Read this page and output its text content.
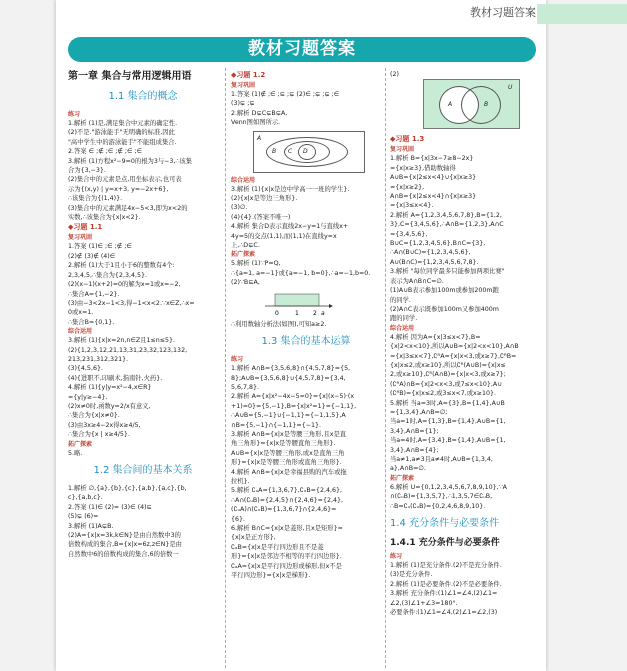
教材习题答案
教材习题答案
第一章 集合与常用逻辑用语
1.1 集合的概念
练习
1.解析 (1)是,满足集合中元素的确定性.
(2)不是."游泳能手"无明确的标准,因此
"高中学生中的游泳能手"不能组成集合.
2.答案 ∈ ;∉ ;∈ ;∉ ;∈ ;∈
3.解析 (1)方程x²−9=0的根为3与−3,∴该集
合为{3,−3}.
(2)集合中的元素是点,用坐标表示,也可表
示为{(x,y) | y=x+3, y=−2x+6},
∴该集合为{(1,4)}.
(3)集合中的元素满足4x−5<3,即为x<2的
实数,∴该集合为{x|x<2}.
◆习题 1.1
复习巩固
1.答案 (1)∈ ;∈ ;∉ ;∈
(2)∉ (3)∉ (4)∈
2.解析 (1)大于1且小于6的整数有4个:
2,3,4,5,∴集合为{2,3,4,5}.
(2)(x−1)(x+2)=0的解为x=1或x=−2,
∴集合A={1,−2}.
(3)由−3<2x−1<3,得−1<x<2.∵x∈Z,∴x=
0或x=1.
∴集合B={0,1}.
综合运用
3.解析 (1){x|x=2n,n∈Z且1≤n≤5}.
(2){1,2,3,12,21,13,31,23,32,123,132,
213,231,312,321}.
(3){4,5,6}.
(4){进职不,印刷术,指南针,火药}.
4.解析 (1){y|y=x²−4,x∈R}
={y|y≥−4}.
(2)x≠0时,函数y=2/x有意义,
∴集合为{x|x≠0}.
(3)由3x≥4−2x得x≥4/5,
∴集合为{x | x≥4/5}.
拓广探索
5.略.
1.2 集合间的基本关系
1.解析 ∅,{a},{b},{c},{a,b},{a,c},{b,
c},{a,b,c}.
2.答案 (1)∈ (2)= (3)∈ (4)⊆
(5)⊊ (6)=
3.解析 (1)A⊊B.
(2)A={x|x=3k,k∈N}是由自然数中3的
倍数构成的集合,B={x|x=6z,z∈N}是由
自然数中6的倍数构成的集合,6的倍数一
◆习题 1.2
复习巩固
1.答案 (1)∉ ;∈ ;⊆ ;⊊ (2)∈ ;⊊ ;⊊ ;∈
(3)⊊ ;⊊
2.解析 D⊊C⊊B⊊A,
Venn图如图所示.
A
B C D
综合运用
3.解析 (1){x|x是边中学高一一班的学生}.
(2){x|x是等边三角形}.
(3)∅.
(4){4}.(答案不唯一)
4.解析 集合D表示直线2x−y=1与直线x+
4y=5的交点(1,1),而(1,1)在直线y=x
上,∴D⊊C.
拓广探索
5.解析 (1)∵P=Q,
∴{a=1, a=−1}或{a=−1, b=0},∴a=−1,b=0.
(2)∵B⊆A,
0	1 2 a
∴利用数轴分析法(如图),可知a≥2.
1.3 集合的基本运算
练习
1.解析 A∩B={3,5,6,8}∩{4,5,7,8}={5,
8};A∪B={3,5,6,8}∪{4,5,7,8}={3,4,
5,6,7,8}.
2.解析 A={x|x²−4x−5=0}={x|(x−5)·(x
+1)=0}={5,−1},B={x|x²=1}={−1,1},
∴A∪B={5,−1}∪{−1,1}={−1,1,5},A
∩B={5,−1}∩{−1,1}={−1}.
3.解析 A∩B={x|x是等腰三角形,且x是直
角三角形}={x|x是等腰直角三角形}.
A∪B={x|x是等腰三角形,或x是直角三角
形}={x|x是等腰三角形或直角三角形}.
4.解析 A∩B={x|x是幸福县购的汽车或拖
拉机}.
5.解析 ∁ᵤA={1,3,6,7},∁ᵤB={2,4,6},
∴A∩(∁ᵤB)={2,4,5}∩{2,4,6}={2,4},
(∁ᵤA)∩(∁ᵤB)={1,3,6,7}∩{2,4,6}=
{6}.
6.解析 B∩C={x|x是菱形,且x是矩形}=
{x|x是正方形},
∁ₐB={x|x是平行四边形且不是菱
形}={x|x是邻边不相等的平行四边形}.
∁ₐA={x|x是平行四边形或梯形,但x不是
平行四边形}={x|x是梯形}.
(2)
A	B
U
◆习题 1.3
复习巩固
1.解析 B={x|3x−7≥8−2x}
={x|x≥3},借助数轴得
A∪B={x|2≤x<4}∪{x|x≥3}
={x|x≥2},
A∩B={x|2≤x<4}∩{x|x≥3}
={x|3≤x<4}.
2.解析 A={1,2,3,4,5,6,7,8},B={1,2,
3},C={3,4,5,6},∴A∩B={1,2,3},A∩C
={3,4,5,6},
B∪C={1,2,3,4,5,6},B∩C={3},
∴A∩(B∪C)={1,2,3,4,5,6},
A∪(B∩C)={1,2,3,4,5,6,7,8}.
3.解析 "每位同学最多只能参加两项比赛"
表示为A∩B∩C=∅.
(1)A∪B表示参加100m或参加200m跑
的同学.
(2)A∩C表示既参加100m又参加400m
跑的同学.
综合运用
4.解析 因为A={x|3≤x<7},B=
{x|2<x<10},所以A∪B={x|2<x<10},A∩B
={x|3≤x<7},∁ᴿA={x|x<3,或x≥7},∁ᴿB=
{x|x≤2,或x≥10},所以∁ᴿ(A∪B)={x|x≤
2,或x≥10},∁ᴿ(A∩B)={x|x<3,或x≥7};
(∁ᴿA)∩B={x|2<x<3,或7≤x<10},A∪
(∁ᴿB)={x|x≤2,或3≤x<7,或x≥10}.
5.解析 当a=3时,A={3},B={1,4},A∪B
={1,3,4},A∩B=∅;
当a=1时,A={1,3},B={1,4},A∪B={1,
3,4},A∩B={1};
当a=4时,A={3,4},B={1,4},A∪B={1,
3,4},A∩B={4};
当a≠1,a≠3且a≠4时,A∪B={1,3,4,
a},A∩B=∅.
拓广探索
6.解析 U={0,1,2,3,4,5,6,7,8,9,10},∵A
∩(∁ᵤB)={1,3,5,7},∴1,3,5,7∈∁ᵤB,
∴B=∁ᵤ(∁ᵤB)={0,2,4,6,8,9,10}.
1.4 充分条件与必要条件
1.4.1 充分条件与必要条件
练习
1.解析 (1)是充分条件.(2)不是充分条件.
(3)是充分条件.
2.解析 (1)是必要条件.(2)不是必要条件.
3.解析 充分条件:(1)∠1=∠4,(2)∠1=
∠2,(3)∠1+∠3=180°.
必要条件:(1)∠1=∠4,(2)∠1=∠2,(3)
